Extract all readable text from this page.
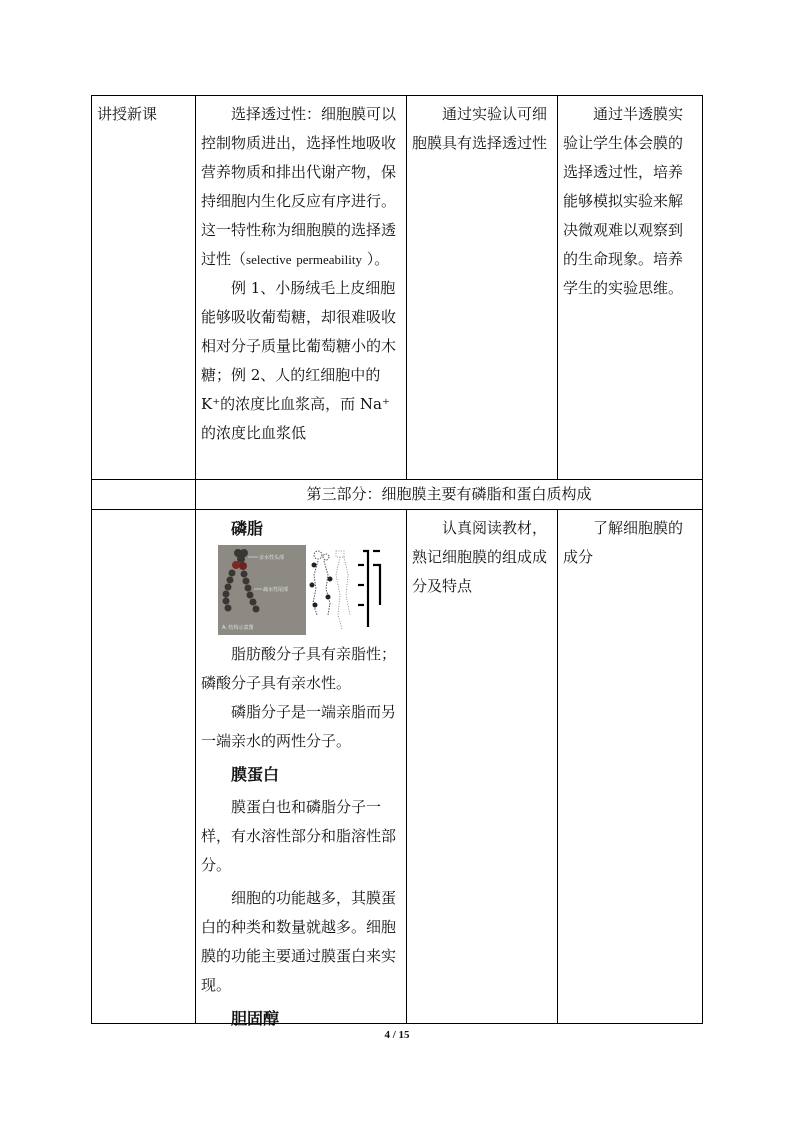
讲授新课	选择透过性：细胞膜可以控制物质进出，选择性地吸收营养物质和排出代谢产物，保持细胞内生化反应有序进行。这一特性称为细胞膜的选择透过性（selective permeability ）。

例 1、小肠绒毛上皮细胞能够吸收葡萄糖，却很难吸收相对分子质量比葡萄糖小的木糖；例 2、人的红细胞中的 K⁺的浓度比血浆高，而 Na⁺的浓度比血浆低

通过实验认可细胞膜具有选择透过性

通过半透膜实验让学生体会膜的选择透过性，培养能够模拟实验来解决微观难以观察到的生命现象。培养学生的实验思维。

第三部分：细胞膜主要有磷脂和蛋白质构成

磷脂

脂肪酸分子具有亲脂性；磷酸分子具有亲水性。

磷脂分子是一端亲脂而另一端亲水的两性分子。

膜蛋白

膜蛋白也和磷脂分子一样，有水溶性部分和脂溶性部分。

细胞的功能越多，其膜蛋白的种类和数量就越多。细胞膜的功能主要通过膜蛋白来实现。

胆固醇

亲水性头部
疏水性尾部
A. 结构示意图

认真阅读教材，熟记细胞膜的组成成分及特点

了解细胞膜的成分

4 / 15
